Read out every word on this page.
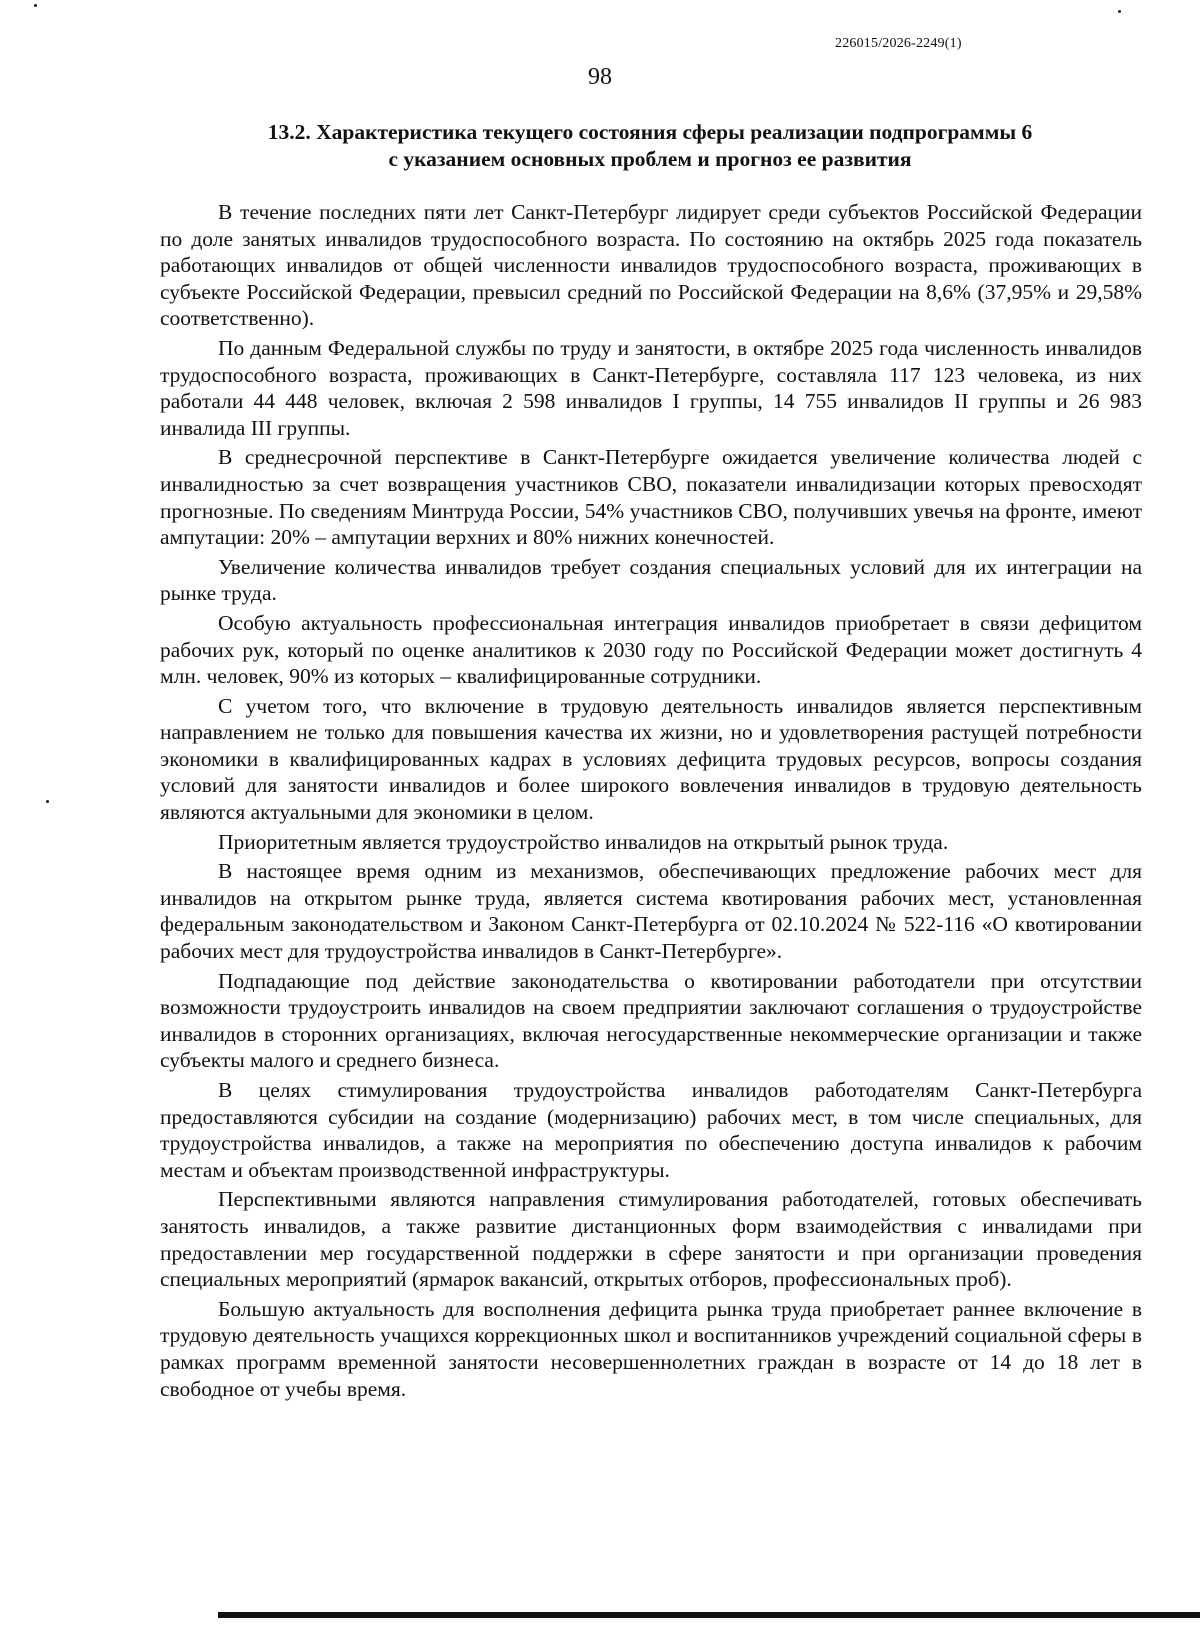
226015/2026-2249(1)
98
13.2. Характеристика текущего состояния сферы реализации подпрограммы 6
с указанием основных проблем и прогноз ее развития

В течение последних пяти лет Санкт-Петербург лидирует среди субъектов Российской Федерации по доле занятых инвалидов трудоспособного возраста. По состоянию на октябрь 2025 года показатель работающих инвалидов от общей численности инвалидов трудоспособного возраста, проживающих в субъекте Российской Федерации, превысил средний по Российской Федерации на 8,6% (37,95% и 29,58% соответственно).

По данным Федеральной службы по труду и занятости, в октябре 2025 года численность инвалидов трудоспособного возраста, проживающих в Санкт-Петербурге, составляла 117 123 человека, из них работали 44 448 человек, включая 2 598 инвалидов I группы, 14 755 инвалидов II группы и 26 983 инвалида III группы.

В среднесрочной перспективе в Санкт-Петербурге ожидается увеличение количества людей с инвалидностью за счет возвращения участников СВО, показатели инвалидизации которых превосходят прогнозные. По сведениям Минтруда России, 54% участников СВО, получивших увечья на фронте, имеют ампутации: 20% – ампутации верхних и 80% нижних конечностей.

Увеличение количества инвалидов требует создания специальных условий для их интеграции на рынке труда.

Особую актуальность профессиональная интеграция инвалидов приобретает в связи дефицитом рабочих рук, который по оценке аналитиков к 2030 году по Российской Федерации может достигнуть 4 млн. человек, 90% из которых – квалифицированные сотрудники.

С учетом того, что включение в трудовую деятельность инвалидов является перспективным направлением не только для повышения качества их жизни, но и удовлетворения растущей потребности экономики в квалифицированных кадрах в условиях дефицита трудовых ресурсов, вопросы создания условий для занятости инвалидов и более широкого вовлечения инвалидов в трудовую деятельность являются актуальными для экономики в целом.

Приоритетным является трудоустройство инвалидов на открытый рынок труда.

В настоящее время одним из механизмов, обеспечивающих предложение рабочих мест для инвалидов на открытом рынке труда, является система квотирования рабочих мест, установленная федеральным законодательством и Законом Санкт-Петербурга от 02.10.2024 № 522-116 «О квотировании рабочих мест для трудоустройства инвалидов в Санкт-Петербурге».

Подпадающие под действие законодательства о квотировании работодатели при отсутствии возможности трудоустроить инвалидов на своем предприятии заключают соглашения о трудоустройстве инвалидов в сторонних организациях, включая негосударственные некоммерческие организации и также субъекты малого и среднего бизнеса.

В целях стимулирования трудоустройства инвалидов работодателям Санкт-Петербурга предоставляются субсидии на создание (модернизацию) рабочих мест, в том числе специальных, для трудоустройства инвалидов, а также на мероприятия по обеспечению доступа инвалидов к рабочим местам и объектам производственной инфраструктуры.

Перспективными являются направления стимулирования работодателей, готовых обеспечивать занятость инвалидов, а также развитие дистанционных форм взаимодействия с инвалидами при предоставлении мер государственной поддержки в сфере занятости и при организации проведения специальных мероприятий (ярмарок вакансий, открытых отборов, профессиональных проб).

Большую актуальность для восполнения дефицита рынка труда приобретает раннее включение в трудовую деятельность учащихся коррекционных школ и воспитанников учреждений социальной сферы в рамках программ временной занятости несовершеннолетних граждан в возрасте от 14 до 18 лет в свободное от учебы время.
